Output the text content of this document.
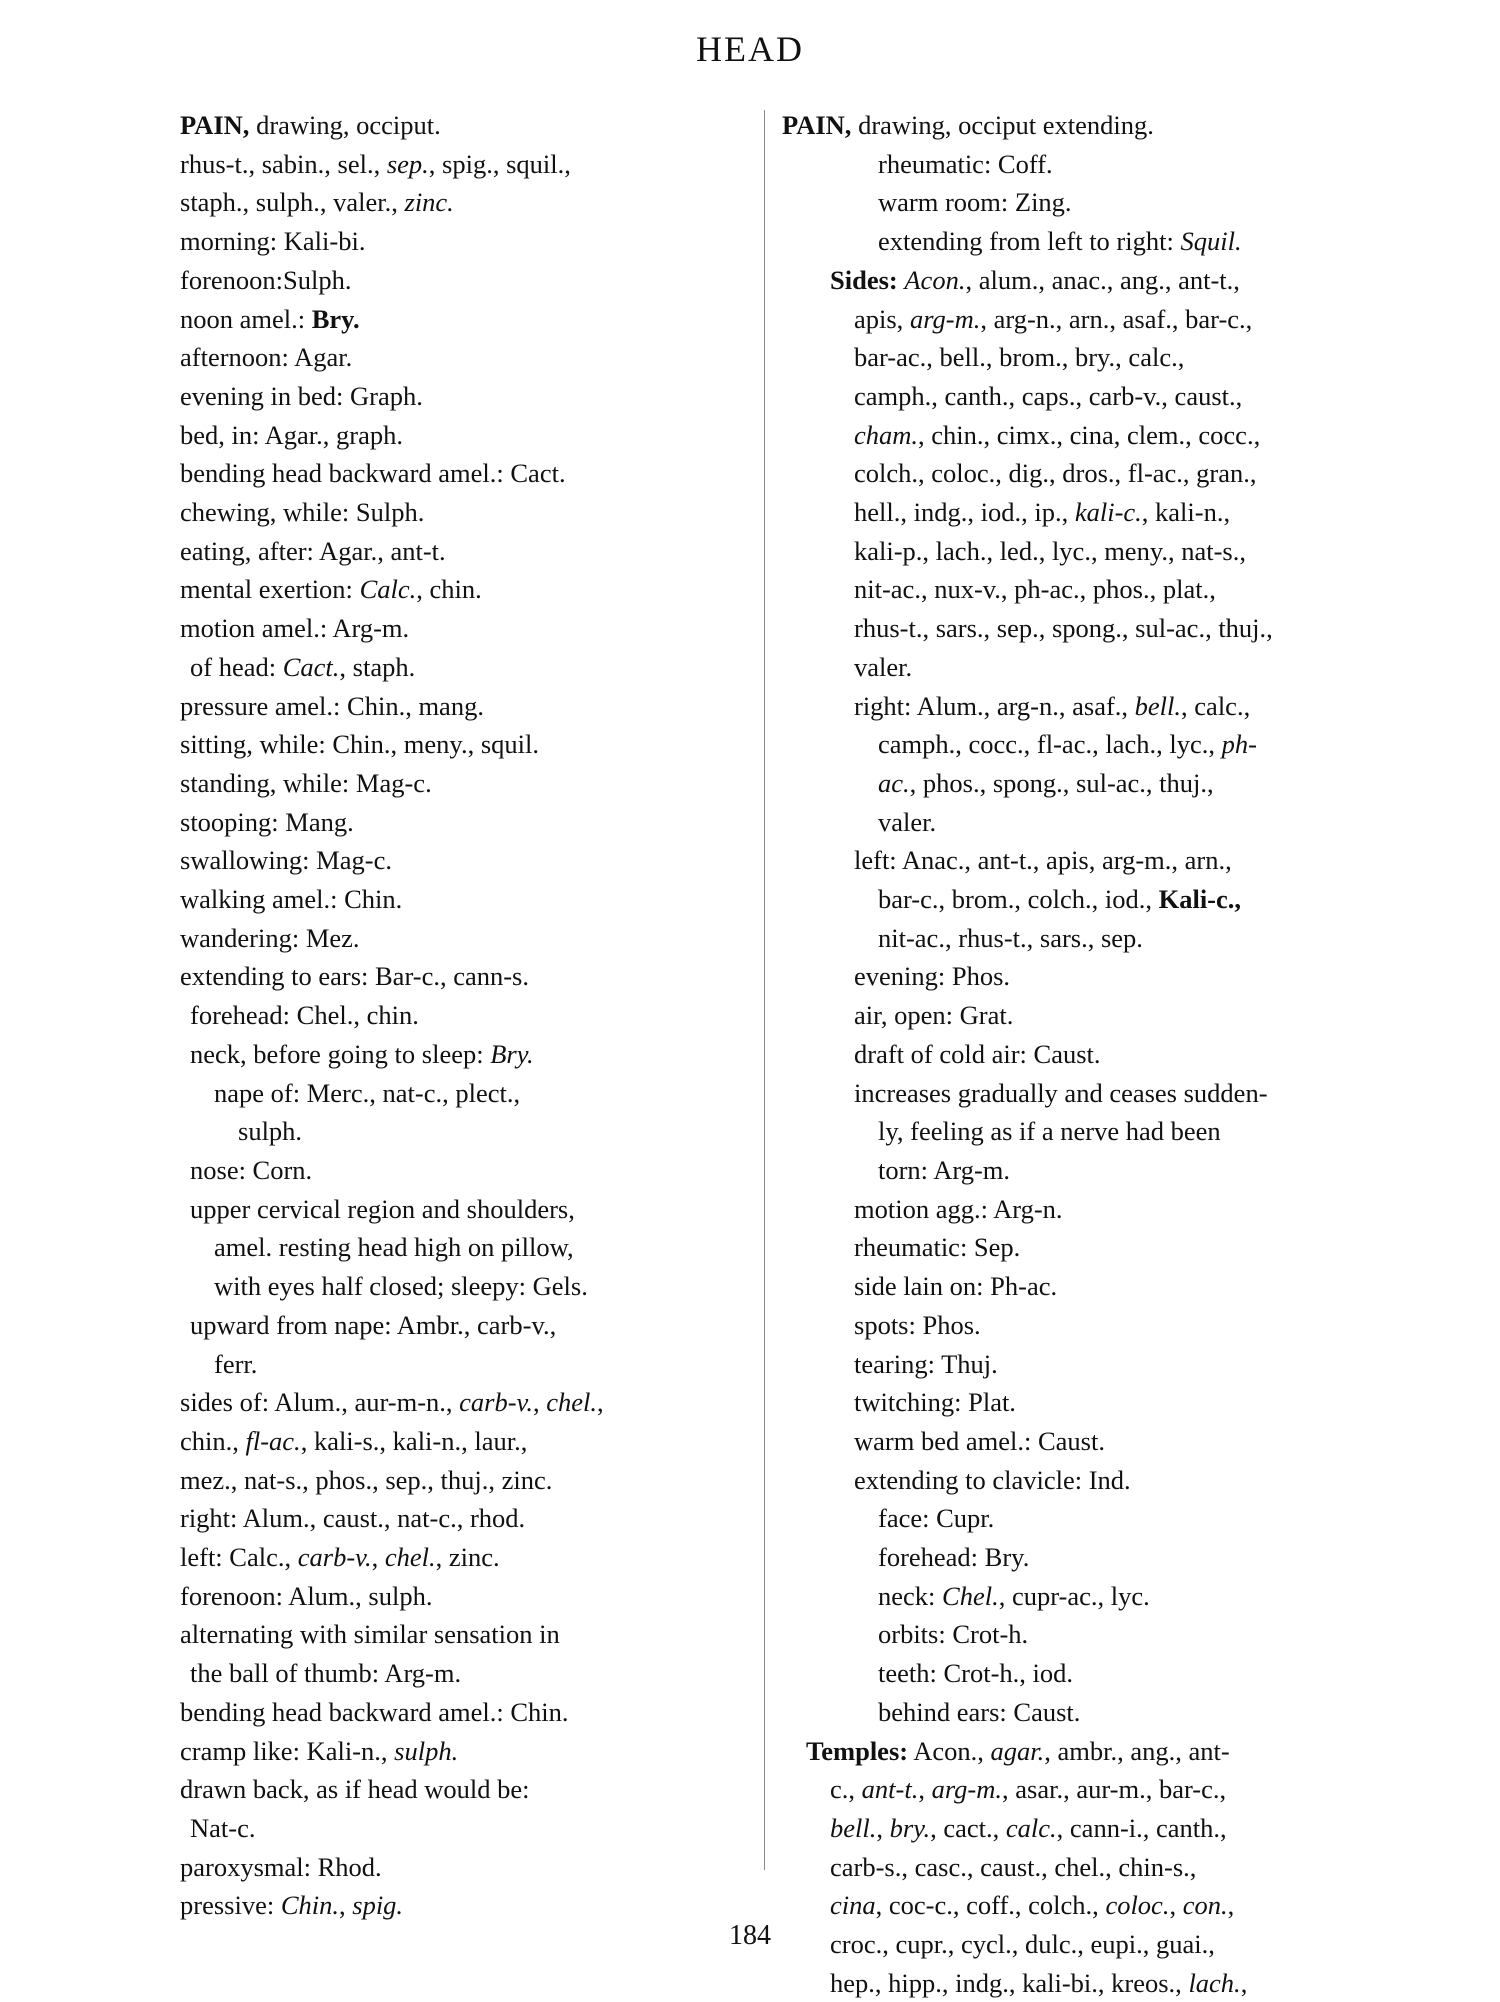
HEAD
PAIN, drawing, occiput.
rhus-t., sabin., sel., sep., spig., squil.,
staph., sulph., valer., zinc.
morning: Kali-bi.
forenoon:Sulph.
noon amel.: Bry.
afternoon: Agar.
evening in bed: Graph.
bed, in: Agar., graph.
bending head backward amel.: Cact.
chewing, while: Sulph.
eating, after: Agar., ant-t.
mental exertion: Calc., chin.
motion amel.: Arg-m.
of head: Cact., staph.
pressure amel.: Chin., mang.
sitting, while: Chin., meny., squil.
standing, while: Mag-c.
stooping: Mang.
swallowing: Mag-c.
walking amel.: Chin.
wandering: Mez.
extending to ears: Bar-c., cann-s.
forehead: Chel., chin.
neck, before going to sleep: Bry.
nape of: Merc., nat-c., plect.,
sulph.
nose: Corn.
upper cervical region and shoulders,
amel. resting head high on pillow,
with eyes half closed; sleepy: Gels.
upward from nape: Ambr., carb-v.,
ferr.
sides of: Alum., aur-m-n., carb-v., chel.,
chin., fl-ac., kali-s., kali-n., laur.,
mez., nat-s., phos., sep., thuj., zinc.
right: Alum., caust., nat-c., rhod.
left: Calc., carb-v., chel., zinc.
forenoon: Alum., sulph.
alternating with similar sensation in
the ball of thumb: Arg-m.
bending head backward amel.: Chin.
cramp like: Kali-n., sulph.
drawn back, as if head would be:
Nat-c.
paroxysmal: Rhod.
pressive: Chin., spig.
PAIN, drawing, occiput extending.
rheumatic: Coff.
warm room: Zing.
extending from left to right: Squil.
Sides: Acon., alum., anac., ang., ant-t.,
apis, arg-m., arg-n., arn., asaf., bar-c.,
bar-ac., bell., brom., bry., calc.,
camph., canth., caps., carb-v., caust.,
cham., chin., cimx., cina, clem., cocc.,
colch., coloc., dig., dros., fl-ac., gran.,
hell., indg., iod., ip., kali-c., kali-n.,
kali-p., lach., led., lyc., meny., nat-s.,
nit-ac., nux-v., ph-ac., phos., plat.,
rhus-t., sars., sep., spong., sul-ac., thuj.,
valer.
right: Alum., arg-n., asaf., bell., calc.,
camph., cocc., fl-ac., lach., lyc., ph-
ac., phos., spong., sul-ac., thuj.,
valer.
left: Anac., ant-t., apis, arg-m., arn.,
bar-c., brom., colch., iod., Kali-c.,
nit-ac., rhus-t., sars., sep.
evening: Phos.
air, open: Grat.
draft of cold air: Caust.
increases gradually and ceases sudden-
ly, feeling as if a nerve had been
torn: Arg-m.
motion agg.: Arg-n.
rheumatic: Sep.
side lain on: Ph-ac.
spots: Phos.
tearing: Thuj.
twitching: Plat.
warm bed amel.: Caust.
extending to clavicle: Ind.
face: Cupr.
forehead: Bry.
neck: Chel., cupr-ac., lyc.
orbits: Crot-h.
teeth: Crot-h., iod.
behind ears: Caust.
Temples: Acon., agar., ambr., ang., ant-
c., ant-t., arg-m., asar., aur-m., bar-c.,
bell., bry., cact., calc., cann-i., canth.,
carb-s., casc., caust., chel., chin-s.,
cina, coc-c., coff., colch., coloc., con.,
croc., cupr., cycl., dulc., eupi., guai.,
hep., hipp., indg., kali-bi., kreos., lach.,
184
